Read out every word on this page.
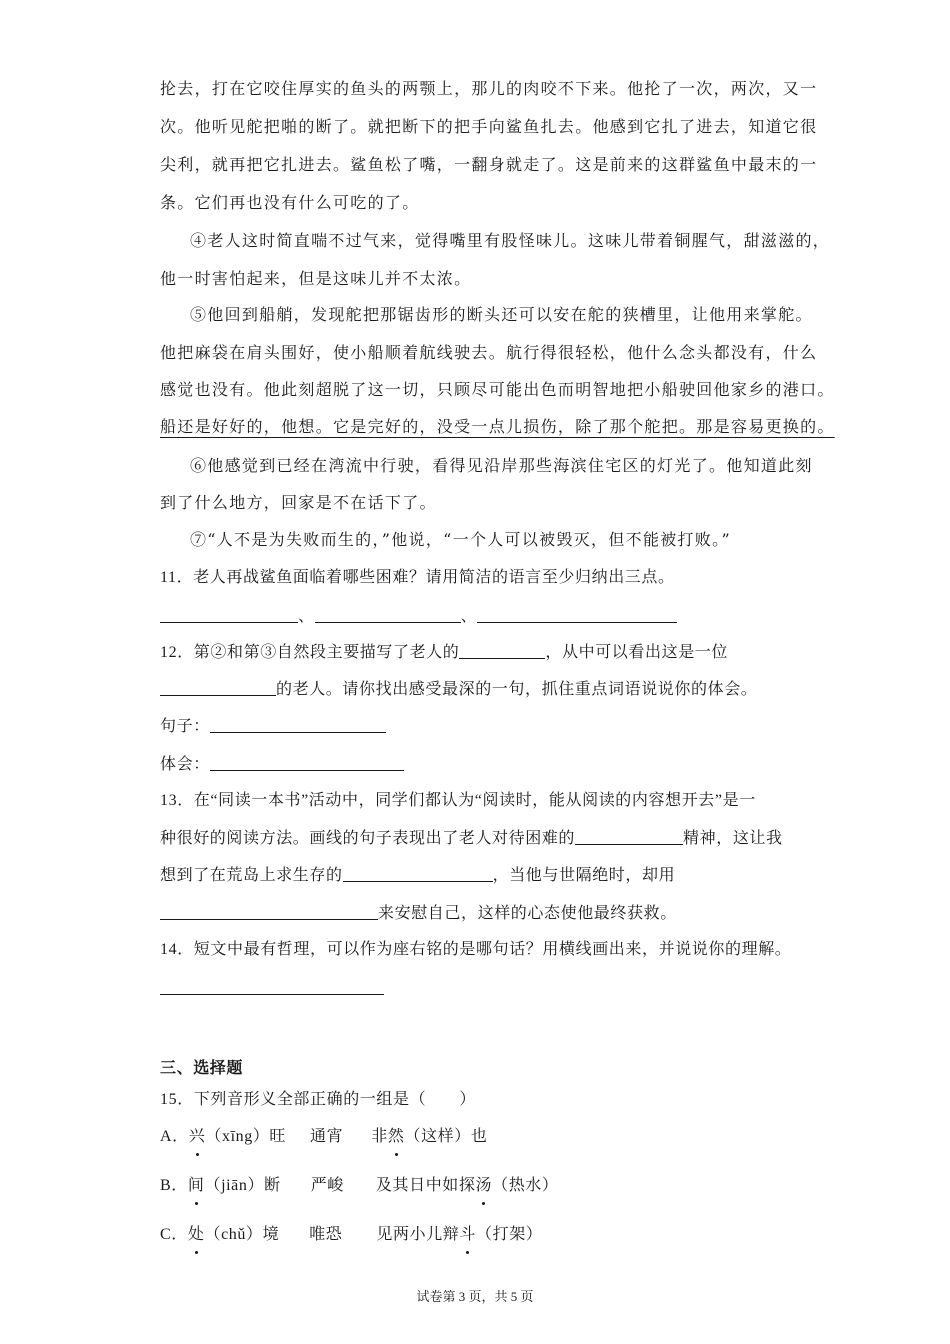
抡去，打在它咬住厚实的鱼头的两颚上，那儿的肉咬不下来。他抡了一次，两次，又一
次。他听见舵把啪的断了。就把断下的把手向鲨鱼扎去。他感到它扎了进去，知道它很
尖利，就再把它扎进去。鲨鱼松了嘴，一翻身就走了。这是前来的这群鲨鱼中最末的一
条。它们再也没有什么可吃的了。
④老人这时简直喘不过气来，觉得嘴里有股怪味儿。这味儿带着铜腥气，甜滋滋的，
他一时害怕起来，但是这味儿并不太浓。
⑤他回到船艄，发现舵把那锯齿形的断头还可以安在舵的狭槽里，让他用来掌舵。
他把麻袋在肩头围好，使小船顺着航线驶去。航行得很轻松，他什么念头都没有，什么
感觉也没有。他此刻超脱了这一切，只顾尽可能出色而明智地把小船驶回他家乡的港口。
船还是好好的，他想。它是完好的，没受一点儿损伤，除了那个舵把。那是容易更换的。
⑥他感觉到已经在湾流中行驶，看得见沿岸那些海滨住宅区的灯光了。他知道此刻
到了什么地方，回家是不在话下了。
⑦“人不是为失败而生的，”他说，“一个人可以被毁灭，但不能被打败。”
11．老人再战鲨鱼面临着哪些困难？请用简洁的语言至少归纳出三点。
、	、
12．第②和第③自然段主要描写了老人的	，从中可以看出这是一位
的老人。请你找出感受最深的一句，抓住重点词语说说你的体会。
句子：
体会：
13．在“同读一本书”活动中，同学们都认为“阅读时，能从阅读的内容想开去”是一
种很好的阅读方法。画线的句子表现出了老人对待困难的	精神，这让我
想到了在荒岛上求生存的	，当他与世隔绝时，却用
来安慰自己，这样的心态使他最终获救。
14．短文中最有哲理，可以作为座右铭的是哪句话？用横线画出来，并说说你的理解。
三、选择题
15．下列音形义全部正确的一组是（　　）
A．兴（xīng）旺 通宵 非然（这样）也
B．间（jiān）断 严峻 及其日中如探汤（热水）
C．处（chǔ）境 唯恐 见两小儿辩斗（打架）
试卷第 3 页，共 5 页
